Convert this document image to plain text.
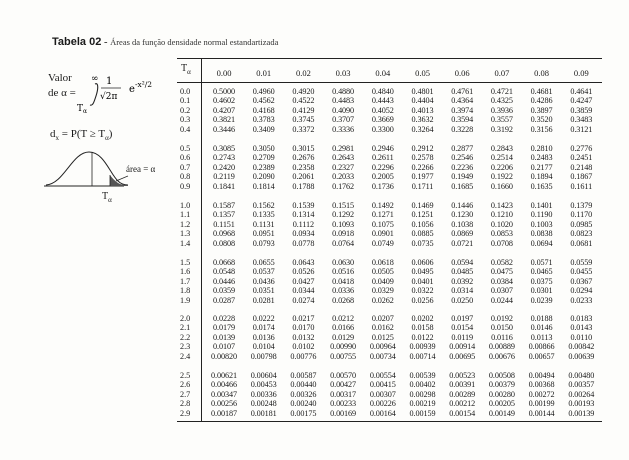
Tabela 02 - Áreas da função densidade normal estandartizada
Valor
de α =
∞ 1
√2π
e -x²/2
T α
$d_x = P(T \ge T_\alpha)$
área = α
$T_\alpha$
$T_\alpha$	0.00	0.01	0.02	0.03	0.04	0.05	0.06	0.07	0.08	0.09
0.0	0.5000	0.4960	0.4920	0.4880	0.4840	0.4801	0.4761	0.4721	0.4681	0.4641
0.1	0.4602	0.4562	0.4522	0.4483	0.4443	0.4404	0.4364	0.4325	0.4286	0.4247
0.2	0.4207	0.4168	0.4129	0.4090	0.4052	0.4013	0.3974	0.3936	0.3897	0.3859
0.3	0.3821	0.3783	0.3745	0.3707	0.3669	0.3632	0.3594	0.3557	0.3520	0.3483
0.4	0.3446	0.3409	0.3372	0.3336	0.3300	0.3264	0.3228	0.3192	0.3156	0.3121
0.5	0.3085	0.3050	0.3015	0.2981	0.2946	0.2912	0.2877	0.2843	0.2810	0.2776
0.6	0.2743	0.2709	0.2676	0.2643	0.2611	0.2578	0.2546	0.2514	0.2483	0.2451
0.7	0.2420	0.2389	0.2358	0.2327	0.2296	0.2266	0.2236	0.2206	0.2177	0.2148
0.8	0.2119	0.2090	0.2061	0.2033	0.2005	0.1977	0.1949	0.1922	0.1894	0.1867
0.9	0.1841	0.1814	0.1788	0.1762	0.1736	0.1711	0.1685	0.1660	0.1635	0.1611
1.0	0.1587	0.1562	0.1539	0.1515	0.1492	0.1469	0.1446	0.1423	0.1401	0.1379
1.1	0.1357	0.1335	0.1314	0.1292	0.1271	0.1251	0.1230	0.1210	0.1190	0.1170
1.2	0.1151	0.1131	0.1112	0.1093	0.1075	0.1056	0.1038	0.1020	0.1003	0.0985
1.3	0.0968	0.0951	0.0934	0.0918	0.0901	0.0885	0.0869	0.0853	0.0838	0.0823
1.4	0.0808	0.0793	0.0778	0.0764	0.0749	0.0735	0.0721	0.0708	0.0694	0.0681
1.5	0.0668	0.0655	0.0643	0.0630	0.0618	0.0606	0.0594	0.0582	0.0571	0.0559
1.6	0.0548	0.0537	0.0526	0.0516	0.0505	0.0495	0.0485	0.0475	0.0465	0.0455
1.7	0.0446	0.0436	0.0427	0.0418	0.0409	0.0401	0.0392	0.0384	0.0375	0.0367
1.8	0.0359	0.0351	0.0344	0.0336	0.0329	0.0322	0.0314	0.0307	0.0301	0.0294
1.9	0.0287	0.0281	0.0274	0.0268	0.0262	0.0256	0.0250	0.0244	0.0239	0.0233
2.0	0.0228	0.0222	0.0217	0.0212	0.0207	0.0202	0.0197	0.0192	0.0188	0.0183
2.1	0.0179	0.0174	0.0170	0.0166	0.0162	0.0158	0.0154	0.0150	0.0146	0.0143
2.2	0.0139	0.0136	0.0132	0.0129	0.0125	0.0122	0.0119	0.0116	0.0113	0.0110
2.3	0.0107	0.0104	0.0102	0.00990	0.00964	0.00939	0.00914	0.00889	0.00866	0.00842
2.4	0.00820	0.00798	0.00776	0.00755	0.00734	0.00714	0.00695	0.00676	0.00657	0.00639
2.5	0.00621	0.00604	0.00587	0.00570	0.00554	0.00539	0.00523	0.00508	0.00494	0.00480
2.6	0.00466	0.00453	0.00440	0.00427	0.00415	0.00402	0.00391	0.00379	0.00368	0.00357
2.7	0.00347	0.00336	0.00326	0.00317	0.00307	0.00298	0.00289	0.00280	0.00272	0.00264
2.8	0.00256	0.00248	0.00240	0.00233	0.00226	0.00219	0.00212	0.00205	0.00199	0.00193
2.9	0.00187	0.00181	0.00175	0.00169	0.00164	0.00159	0.00154	0.00149	0.00144	0.00139
